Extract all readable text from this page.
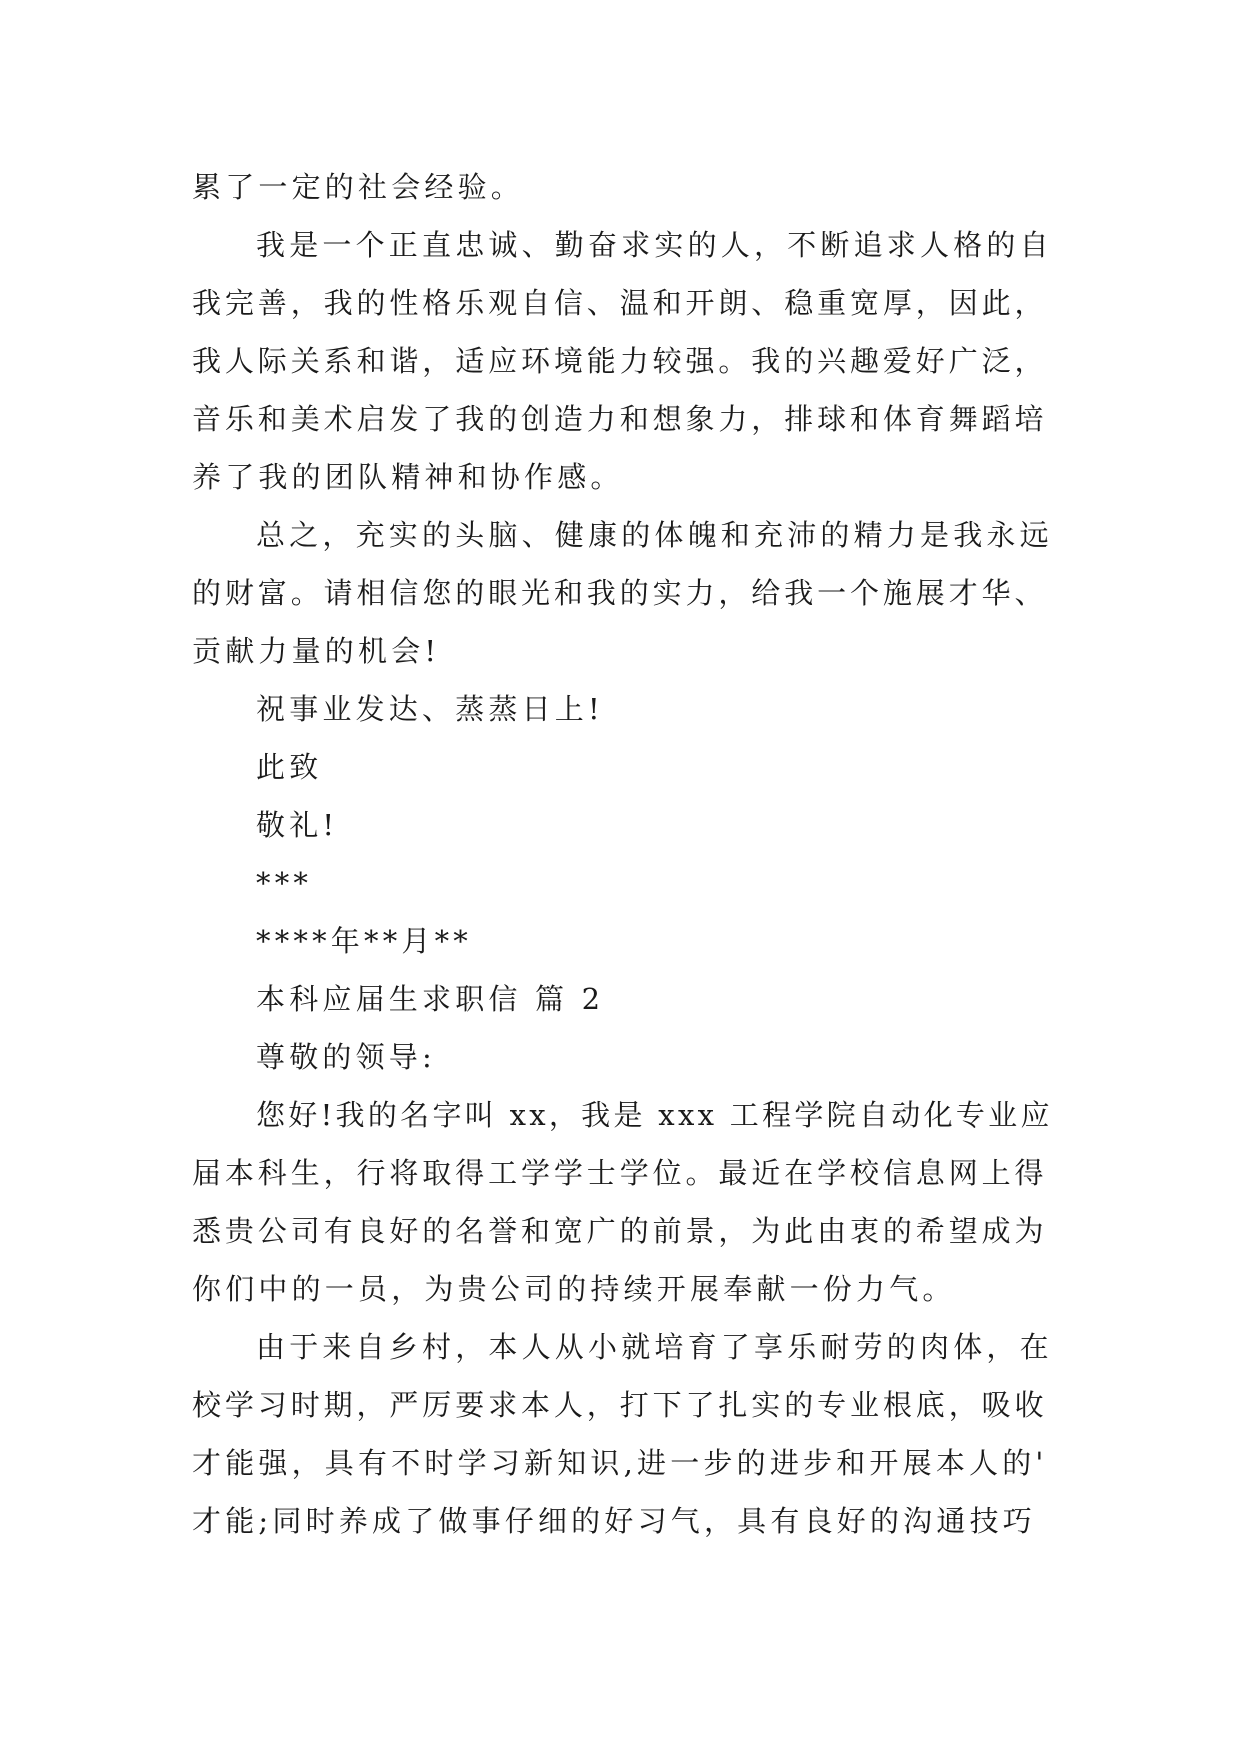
累了一定的社会经验。
我是一个正直忠诚、勤奋求实的人，不断追求人格的自
我完善，我的性格乐观自信、温和开朗、稳重宽厚，因此，
我人际关系和谐，适应环境能力较强。我的兴趣爱好广泛，
音乐和美术启发了我的创造力和想象力，排球和体育舞蹈培
养了我的团队精神和协作感。
总之，充实的头脑、健康的体魄和充沛的精力是我永远
的财富。请相信您的眼光和我的实力，给我一个施展才华、
贡献力量的机会!
祝事业发达、蒸蒸日上!
此致
敬礼!
***
****年**月**
本科应届生求职信 篇 2
尊敬的领导:
您好!我的名字叫 xx，我是 xxx 工程学院自动化专业应
届本科生，行将取得工学学士学位。最近在学校信息网上得
悉贵公司有良好的名誉和宽广的前景，为此由衷的希望成为
你们中的一员，为贵公司的持续开展奉献一份力气。
由于来自乡村，本人从小就培育了享乐耐劳的肉体，在
校学习时期，严厉要求本人，打下了扎实的专业根底，吸收
才能强，具有不时学习新知识,进一步的进步和开展本人的'
才能;同时养成了做事仔细的好习气，具有良好的沟通技巧
